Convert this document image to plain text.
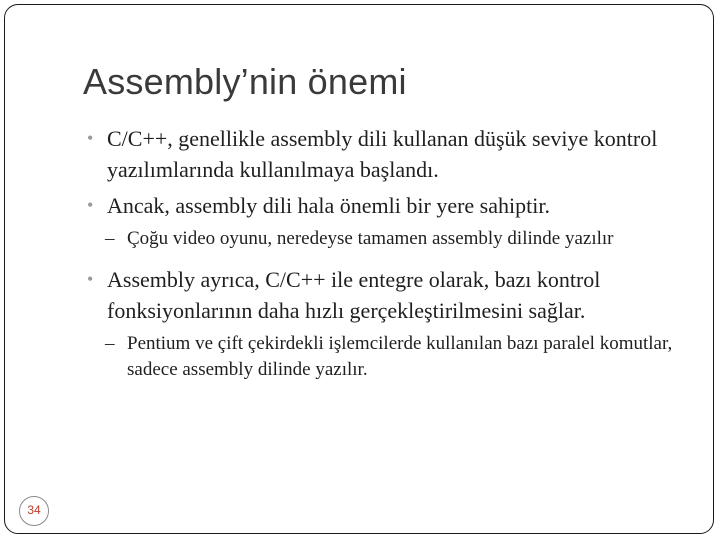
Assembly’nin önemi
• C/C++, genellikle assembly dili kullanan düşük seviye kontrol yazılımlarında kullanılmaya başlandı.
• Ancak, assembly dili hala önemli bir yere sahiptir.
– Çoğu video oyunu, neredeyse tamamen assembly dilinde yazılır
• Assembly ayrıca, C/C++ ile entegre olarak, bazı kontrol fonksiyonlarının daha hızlı gerçekleştirilmesini sağlar.
– Pentium ve çift çekirdekli işlemcilerde kullanılan bazı paralel komutlar, sadece assembly dilinde yazılır.
34
